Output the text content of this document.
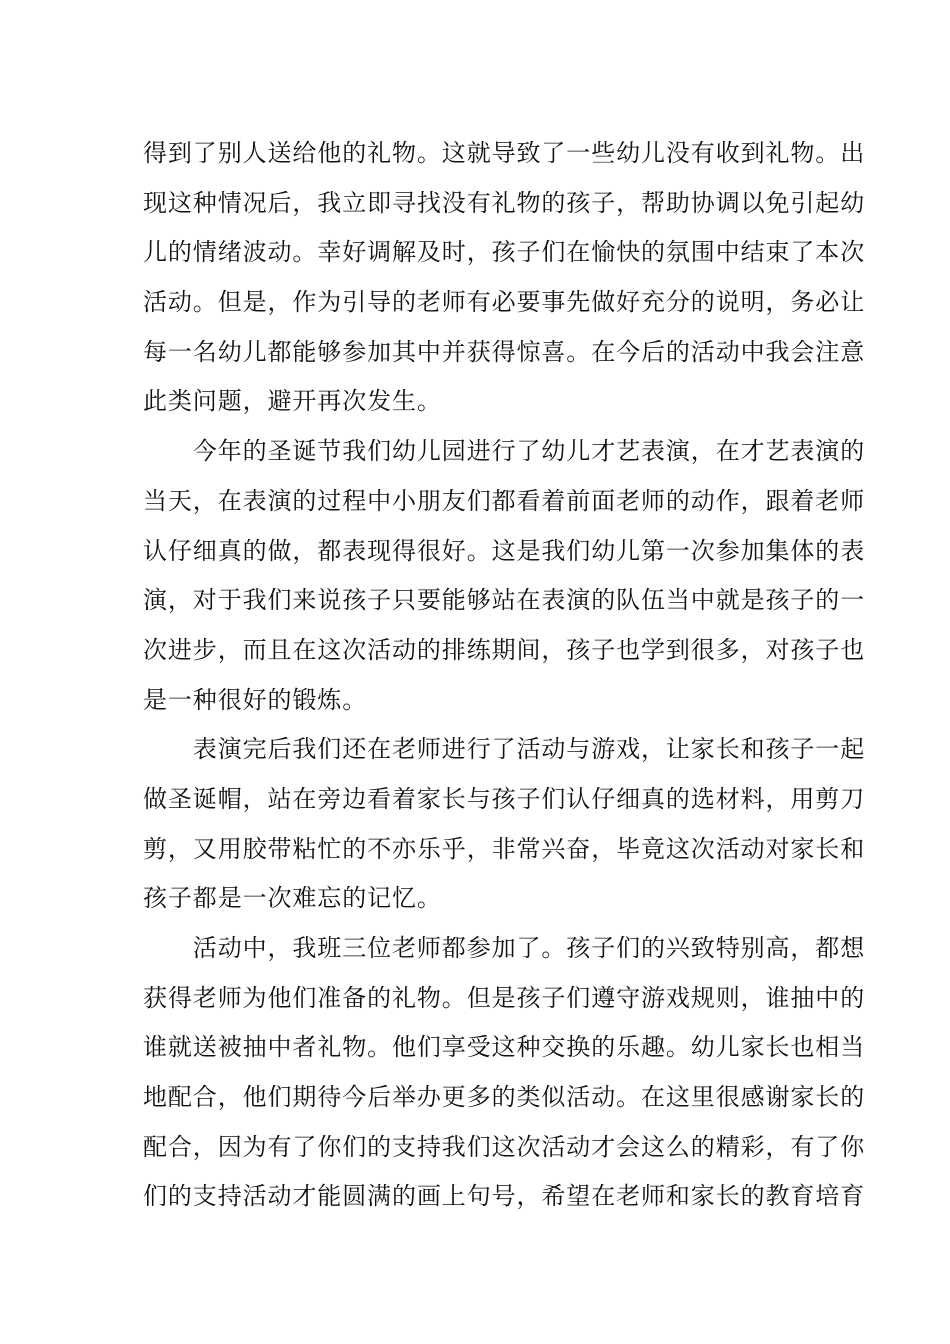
得到了别人送给他的礼物。这就导致了一些幼儿没有收到礼物。出
现这种情况后，我立即寻找没有礼物的孩子，帮助协调以免引起幼
儿的情绪波动。幸好调解及时，孩子们在愉快的氛围中结束了本次
活动。但是，作为引导的老师有必要事先做好充分的说明，务必让
每一名幼儿都能够参加其中并获得惊喜。在今后的活动中我会注意
此类问题，避开再次发生。
　　今年的圣诞节我们幼儿园进行了幼儿才艺表演，在才艺表演的
当天，在表演的过程中小朋友们都看着前面老师的动作，跟着老师
认仔细真的做，都表现得很好。这是我们幼儿第一次参加集体的表
演，对于我们来说孩子只要能够站在表演的队伍当中就是孩子的一
次进步，而且在这次活动的排练期间，孩子也学到很多，对孩子也
是一种很好的锻炼。
　　表演完后我们还在老师进行了活动与游戏，让家长和孩子一起
做圣诞帽，站在旁边看着家长与孩子们认仔细真的选材料，用剪刀
剪，又用胶带粘忙的不亦乐乎，非常兴奋，毕竟这次活动对家长和
孩子都是一次难忘的记忆。
　　活动中，我班三位老师都参加了。孩子们的兴致特别高，都想
获得老师为他们准备的礼物。但是孩子们遵守游戏规则，谁抽中的
谁就送被抽中者礼物。他们享受这种交换的乐趣。幼儿家长也相当
地配合，他们期待今后举办更多的类似活动。在这里很感谢家长的
配合，因为有了你们的支持我们这次活动才会这么的精彩，有了你
们的支持活动才能圆满的画上句号，希望在老师和家长的教育培育
